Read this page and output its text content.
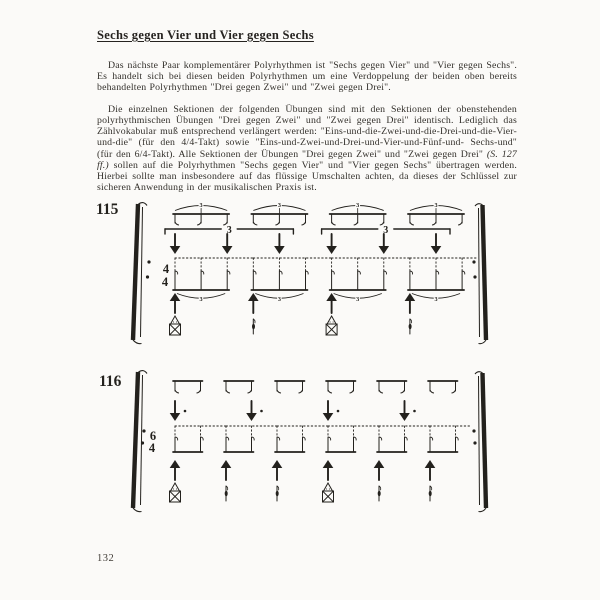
Sechs gegen Vier und Vier gegen Sechs

Das nächste Paar komplementärer Polyrhythmen ist "Sechs gegen Vier" und "Vier gegen Sechs". Es handelt sich bei diesen beiden Polyrhythmen um eine Verdoppelung der beiden oben bereits behandelten Polyrhythmen "Drei gegen Zwei" und "Zwei gegen Drei".

Die einzelnen Sektionen der folgenden Übungen sind mit den Sektionen der obenstehenden polyrhythmischen Übungen "Drei gegen Zwei" und "Zwei gegen Drei" identisch. Lediglich das Zählvokabular muß entsprechend verlängert werden: "Eins-und-die-Zwei-und-die-Drei-und-die-Vier-und-die" (für den 4/4-Takt) sowie "Eins-und-Zwei-und-Drei-und-Vier-und-Fünf-und- Sechs-und" (für den 6/4-Takt). Alle Sektionen der Übungen "Drei gegen Zwei" und "Zwei gegen Drei" (S. 127 ff.) sollen auf die Polyrhythmen "Sechs gegen Vier" und "Vier gegen Sechs" übertragen werden. Hierbei sollte man insbesondere auf das flüssige Umschalten achten, da dieses der Schlüssel zur sicheren Anwendung in der musikalischen Praxis ist.

115
4
4
3	3	3	3
3	3
3	3	3	3
116
6
4
132
